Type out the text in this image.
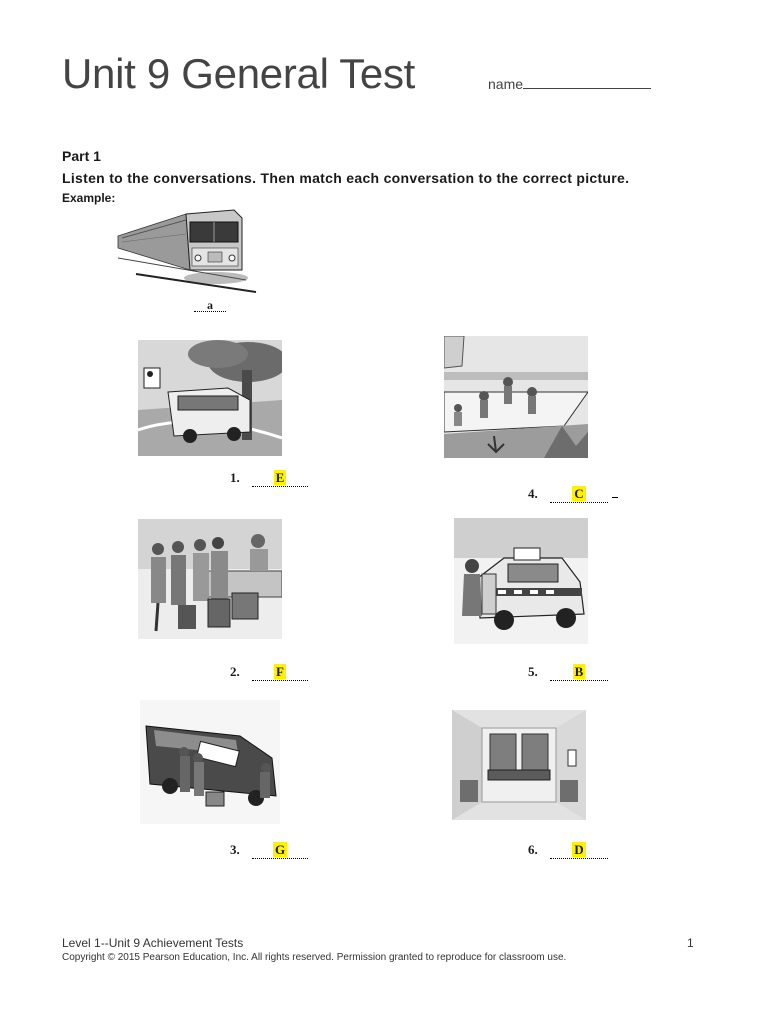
Unit 9 General Test	name
Part 1
Listen to the conversations. Then match each conversation to the correct picture.
Example:
a
1.	E
4.	C
2.	F	5.	B
3.	G	6.	D
Level 1--Unit 9 Achievement Tests	1
Copyright © 2015 Pearson Education, Inc. All rights reserved. Permission granted to reproduce for classroom use.
